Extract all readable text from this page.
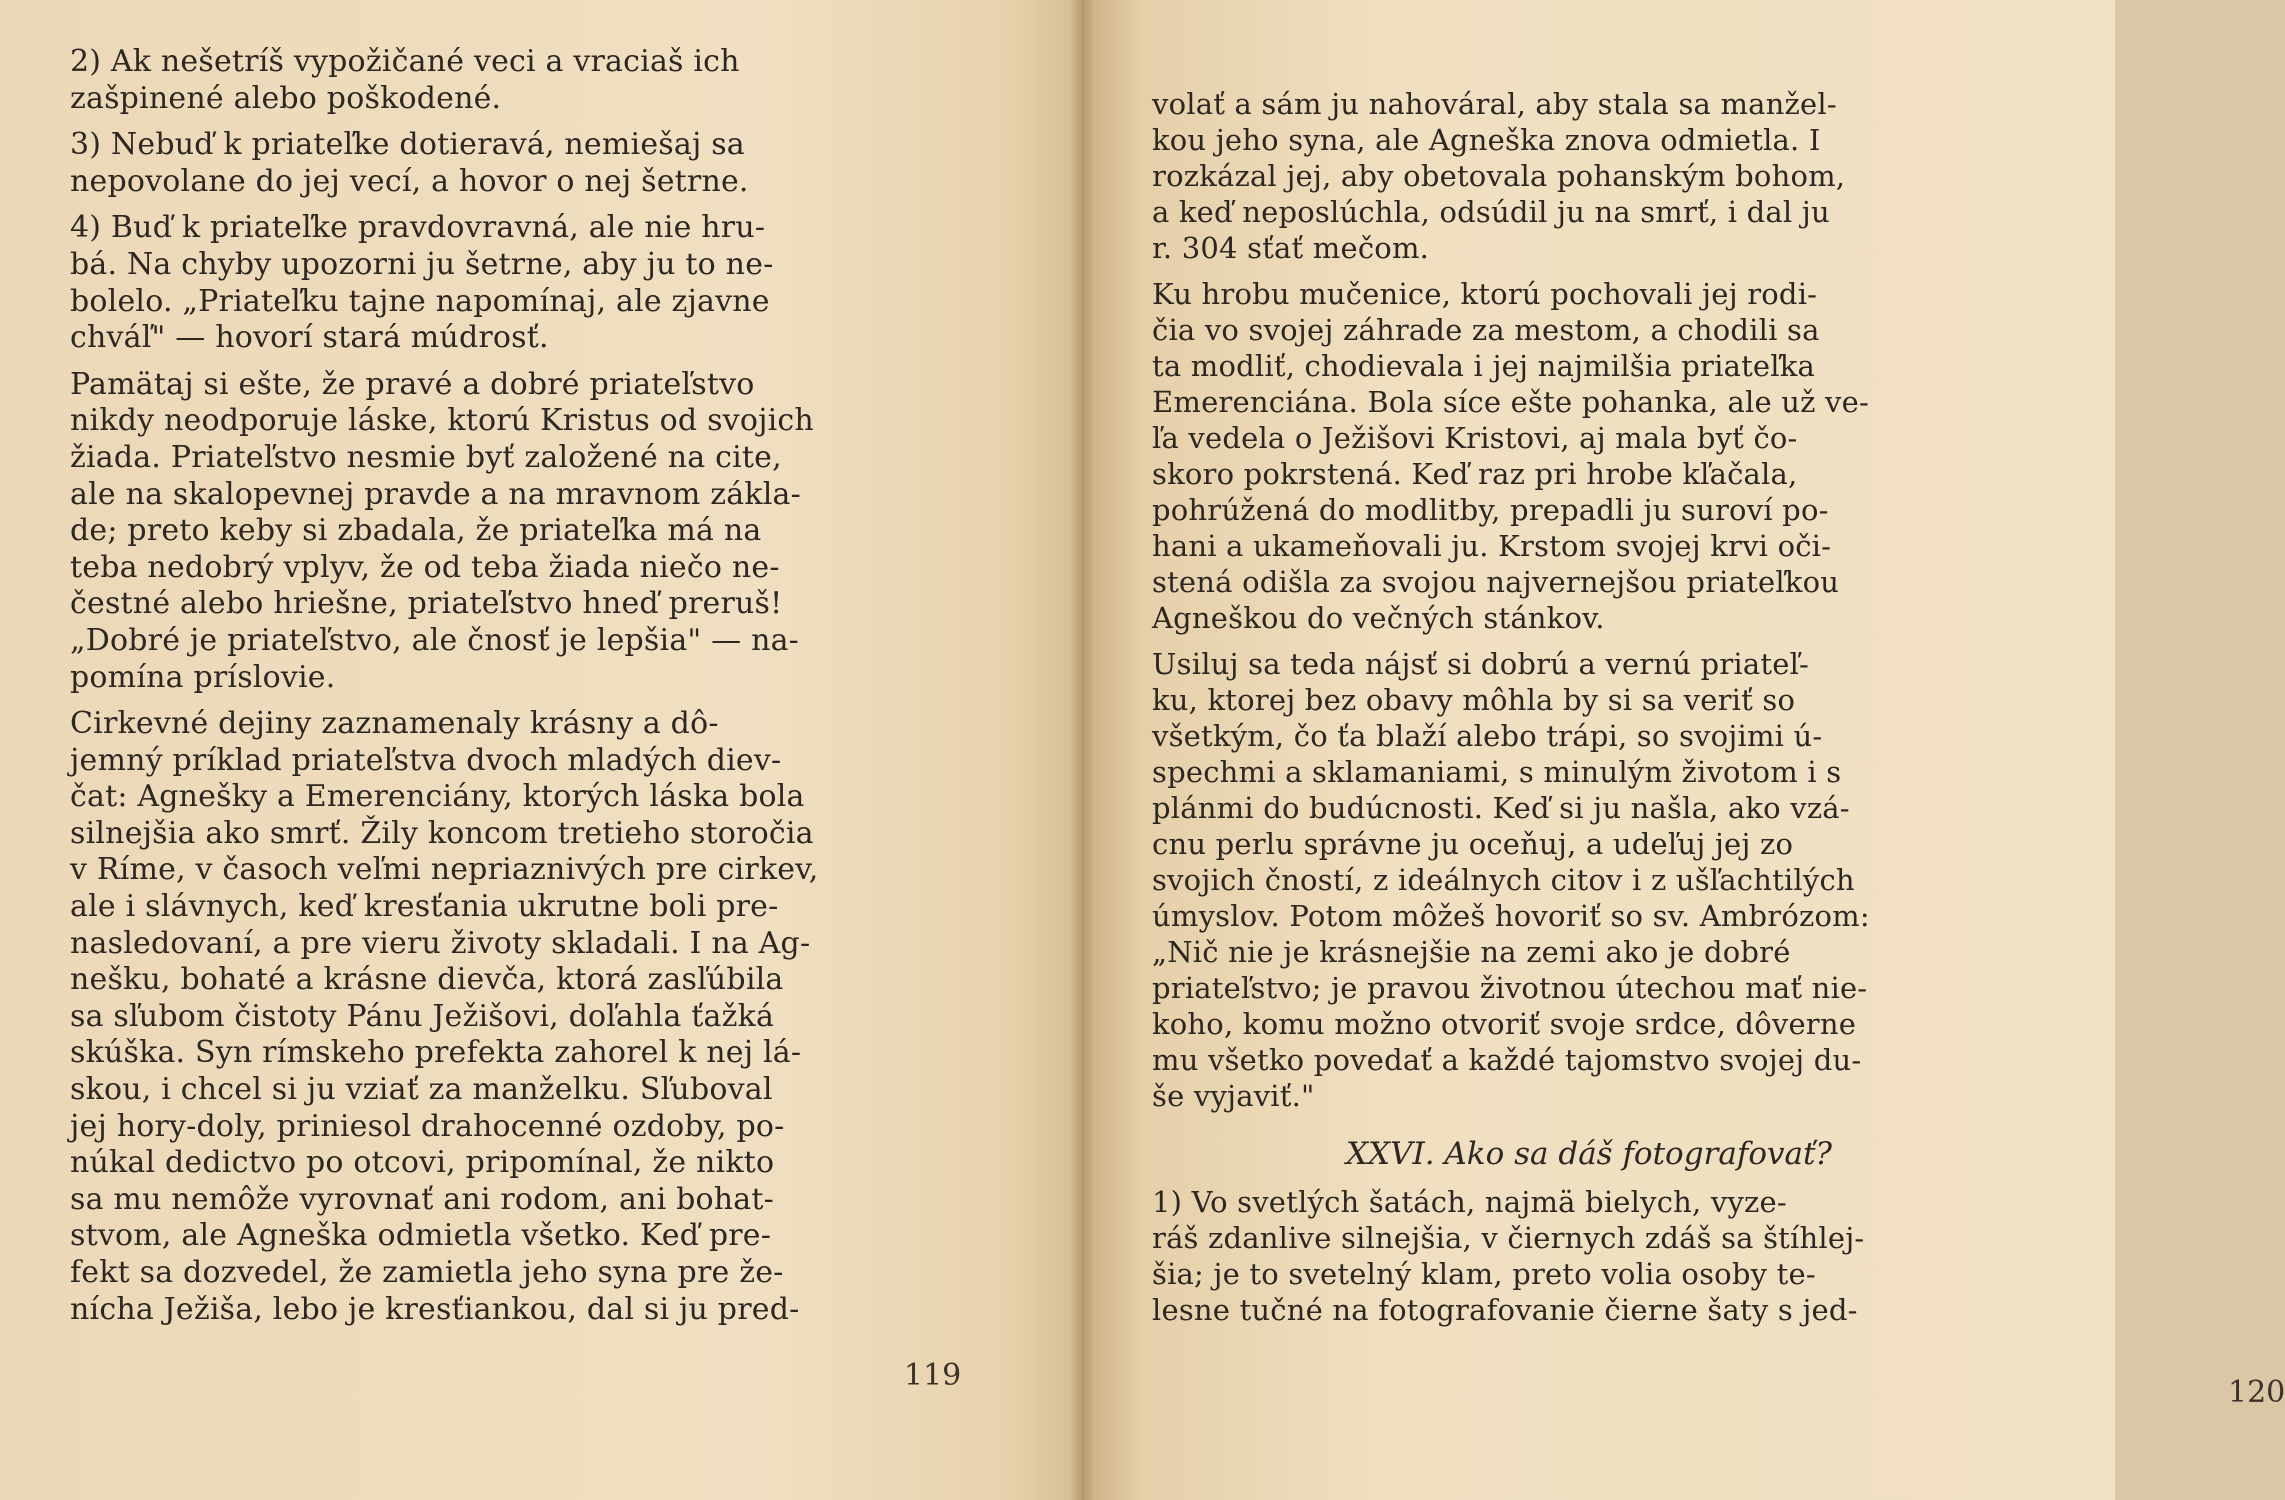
2) Ak nešetríš vypožičané veci a vraciaš ich
zašpinené alebo poškodené.
3) Nebuď k priateľke dotieravá, nemiešaj sa
nepovolane do jej vecí, a hovor o nej šetrne.
4) Buď k priateľke pravdovravná, ale nie hru-
bá. Na chyby upozorni ju šetrne, aby ju to ne-
bolelo. „Priateľku tajne napomínaj, ale zjavne
chváľ" — hovorí stará múdrosť.
Pamätaj si ešte, že pravé a dobré priateľstvo
nikdy neodporuje láske, ktorú Kristus od svojich
žiada. Priateľstvo nesmie byť založené na cite,
ale na skalopevnej pravde a na mravnom zákla-
de; preto keby si zbadala, že priateľka má na
teba nedobrý vplyv, že od teba žiada niečo ne-
čestné alebo hriešne, priateľstvo hneď preruš!
„Dobré je priateľstvo, ale čnosť je lepšia" — na-
pomína príslovie.
Cirkevné dejiny zaznamenaly krásny a dô-
jemný príklad priateľstva dvoch mladých diev-
čat: Agnešky a Emerenciány, ktorých láska bola
silnejšia ako smrť. Žily koncom tretieho storočia
v Ríme, v časoch veľmi nepriaznivých pre cirkev,
ale i slávnych, keď kresťania ukrutne boli pre-
nasledovaní, a pre vieru životy skladali. I na Ag-
nešku, bohaté a krásne dievča, ktorá zasľúbila
sa sľubom čistoty Pánu Ježišovi, doľahla ťažká
skúška. Syn rímskeho prefekta zahorel k nej lá-
skou, i chcel si ju vziať za manželku. Sľuboval
jej hory-doly, priniesol drahocenné ozdoby, po-
núkal dedictvo po otcovi, pripomínal, že nikto
sa mu nemôže vyrovnať ani rodom, ani bohat-
stvom, ale Agneška odmietla všetko. Keď pre-
fekt sa dozvedel, že zamietla jeho syna pre že-
nícha Ježiša, lebo je kresťiankou, dal si ju pred-
119	120
volať a sám ju nahováral, aby stala sa manžel-
kou jeho syna, ale Agneška znova odmietla. I
rozkázal jej, aby obetovala pohanským bohom,
a keď neposlúchla, odsúdil ju na smrť, i dal ju
r. 304 sťať mečom.
Ku hrobu mučenice, ktorú pochovali jej rodi-
čia vo svojej záhrade za mestom, a chodili sa
ta modliť, chodievala i jej najmilšia priateľka
Emerenciána. Bola síce ešte pohanka, ale už ve-
ľa vedela o Ježišovi Kristovi, aj mala byť čo-
skoro pokrstená. Keď raz pri hrobe kľačala,
pohrúžená do modlitby, prepadli ju suroví po-
hani a ukameňovali ju. Krstom svojej krvi oči-
stená odišla za svojou najvernejšou priateľkou
Agneškou do večných stánkov.
Usiluj sa teda nájsť si dobrú a vernú priateľ-
ku, ktorej bez obavy môhla by si sa veriť so
všetkým, čo ťa blaží alebo trápi, so svojimi ú-
spechmi a sklamaniami, s minulým životom i s
plánmi do budúcnosti. Keď si ju našla, ako vzá-
cnu perlu správne ju oceňuj, a udeľuj jej zo
svojich čností, z ideálnych citov i z ušľachtilých
úmyslov. Potom môžeš hovoriť so sv. Ambrózom:
„Nič nie je krásnejšie na zemi ako je dobré
priateľstvo; je pravou životnou útechou mať nie-
koho, komu možno otvoriť svoje srdce, dôverne
mu všetko povedať a každé tajomstvo svojej du-
še vyjaviť."
XXVI. Ako sa dáš fotografovať?
1) Vo svetlých šatách, najmä bielych, vyze-
ráš zdanlive silnejšia, v čiernych zdáš sa štíhlej-
šia; je to svetelný klam, preto volia osoby te-
lesne tučné na fotografovanie čierne šaty s jed-
